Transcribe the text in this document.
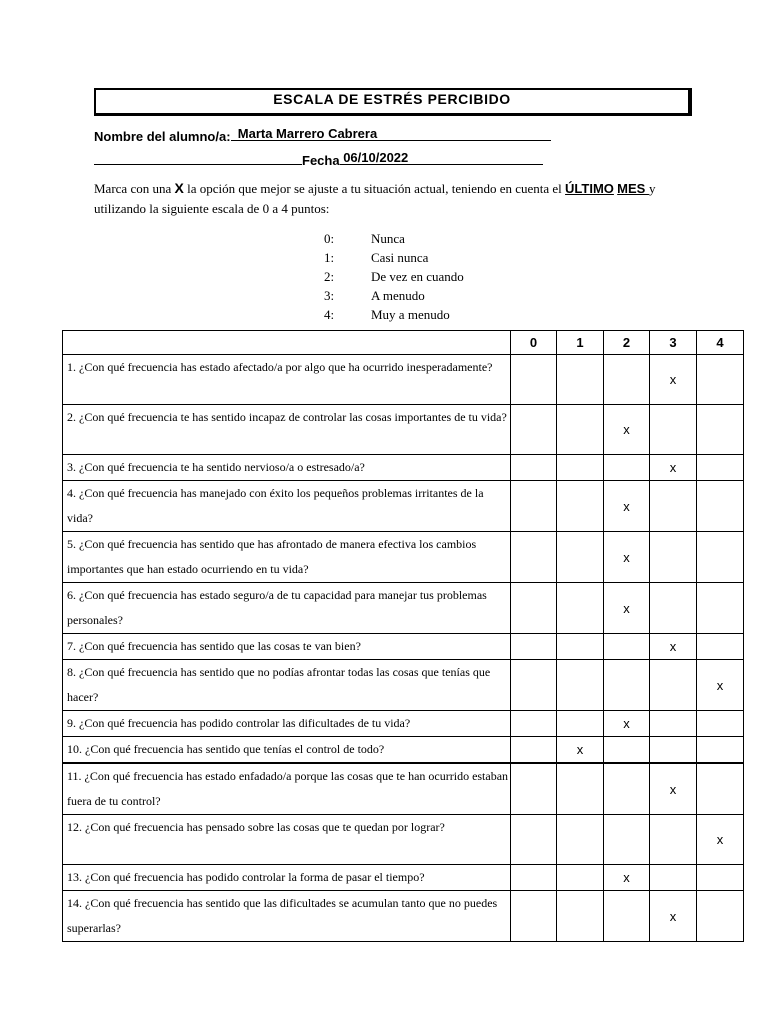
ESCALA DE ESTRÉS PERCIBIDO
Nombre del alumno/a: Marta Marrero Cabrera
Fecha 06/10/2022
Marca con una X la opción que mejor se ajuste a tu situación actual, teniendo en cuenta el ÚLTIMO MES y utilizando la siguiente escala de 0 a 4 puntos:
0:	Nunca
1:	Casi nunca
2:	De vez en cuando
3:	A menudo
4:	Muy a menudo
	0	1	2	3	4
1. ¿Con qué frecuencia has estado afectado/a por algo que ha ocurrido inesperadamente?				x	
2. ¿Con qué frecuencia te has sentido incapaz de controlar las cosas importantes de tu vida?			x		
3. ¿Con qué frecuencia te ha sentido nervioso/a o estresado/a?				x	
4. ¿Con qué frecuencia has manejado con éxito los pequeños problemas irritantes de la vida?			x		
5. ¿Con qué frecuencia has sentido que has afrontado de manera efectiva los cambios importantes que han estado ocurriendo en tu vida?			x		
6. ¿Con qué frecuencia has estado seguro/a de tu capacidad para manejar tus problemas personales?			x		
7. ¿Con qué frecuencia has sentido que las cosas te van bien?				x	
8. ¿Con qué frecuencia has sentido que no podías afrontar todas las cosas que tenías que hacer?					x
9. ¿Con qué frecuencia has podido controlar las dificultades de tu vida?			x		
10. ¿Con qué frecuencia has sentido que tenías el control de todo?		x			
11. ¿Con qué frecuencia has estado enfadado/a porque las cosas que te han ocurrido estaban fuera de tu control?				x	
12. ¿Con qué frecuencia has pensado sobre las cosas que te quedan por lograr?					x
13. ¿Con qué frecuencia has podido controlar la forma de pasar el tiempo?			x		
14. ¿Con qué frecuencia has sentido que las dificultades se acumulan tanto que no puedes superarlas?				x	
